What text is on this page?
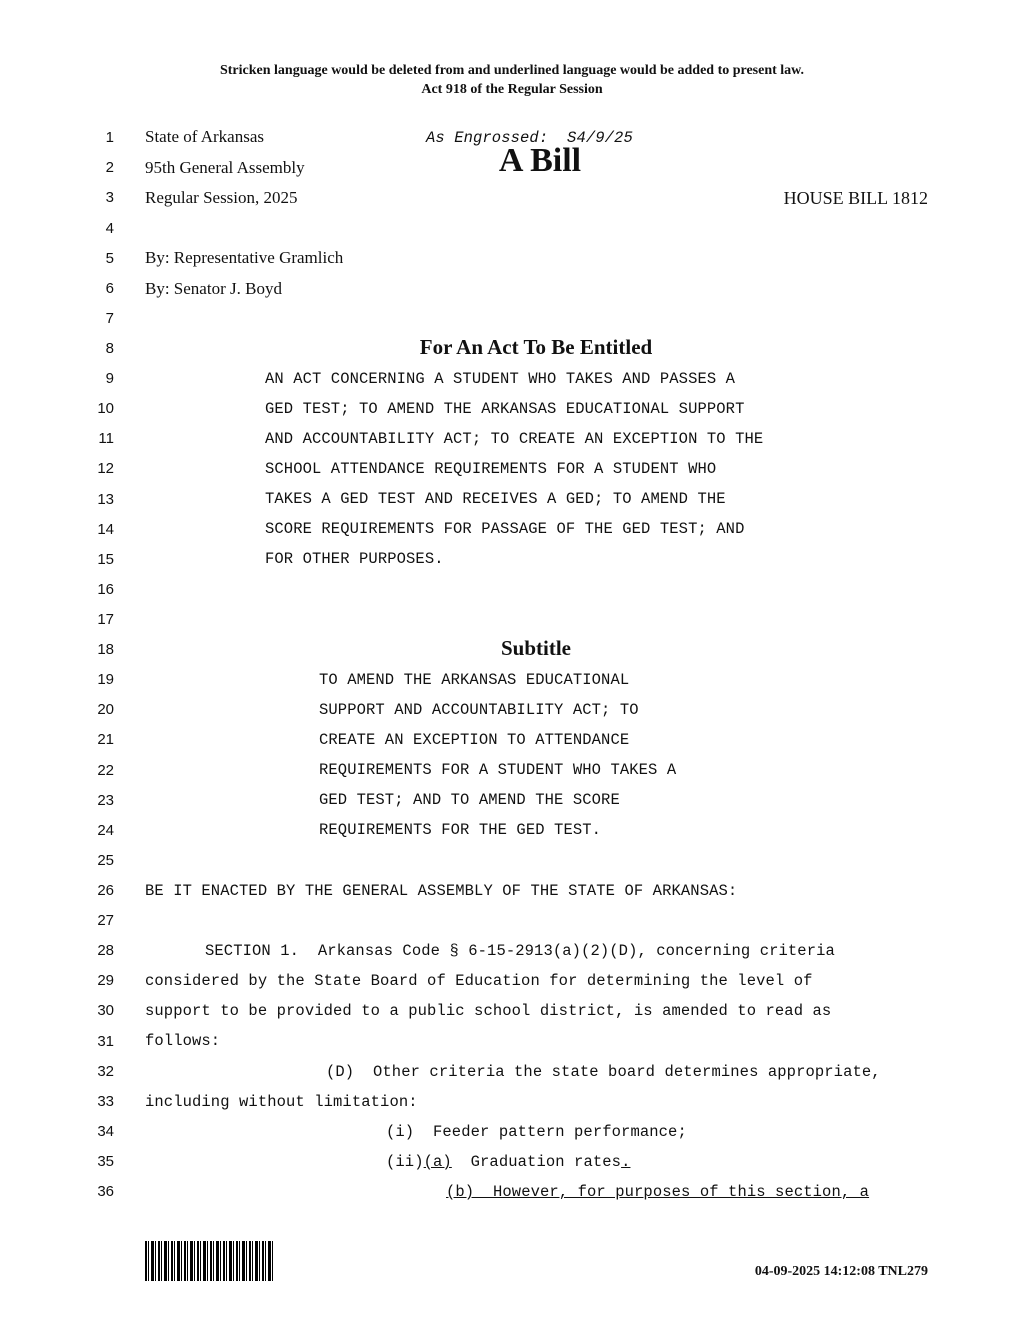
Stricken language would be deleted from and underlined language would be added to present law.
Act 918 of the Regular Session
1
2
3
4
5
6
7
8
9
10
11
12
13
14
15
16
17
18
19
20
21
22
23
24
25
26
27
28
29
30
31
32
33
34
35
36
State of Arkansas	As Engrossed: S4/9/25
95th General Assembly	A Bill
Regular Session, 2025	HOUSE BILL 1812
By: Representative Gramlich
By: Senator J. Boyd
For An Act To Be Entitled
AN ACT CONCERNING A STUDENT WHO TAKES AND PASSES A
GED TEST; TO AMEND THE ARKANSAS EDUCATIONAL SUPPORT
AND ACCOUNTABILITY ACT; TO CREATE AN EXCEPTION TO THE
SCHOOL ATTENDANCE REQUIREMENTS FOR A STUDENT WHO
TAKES A GED TEST AND RECEIVES A GED; TO AMEND THE
SCORE REQUIREMENTS FOR PASSAGE OF THE GED TEST; AND
FOR OTHER PURPOSES.
Subtitle
TO AMEND THE ARKANSAS EDUCATIONAL
SUPPORT AND ACCOUNTABILITY ACT; TO
CREATE AN EXCEPTION TO ATTENDANCE
REQUIREMENTS FOR A STUDENT WHO TAKES A
GED TEST; AND TO AMEND THE SCORE
REQUIREMENTS FOR THE GED TEST.
BE IT ENACTED BY THE GENERAL ASSEMBLY OF THE STATE OF ARKANSAS:
SECTION 1.  Arkansas Code § 6-15-2913(a)(2)(D), concerning criteria
considered by the State Board of Education for determining the level of
support to be provided to a public school district, is amended to read as
follows:
(D)  Other criteria the state board determines appropriate,
including without limitation:
(i)  Feeder pattern performance;
(ii)(a)  Graduation rates.
(b)  However, for purposes of this section, a
04-09-2025 14:12:08 TNL279
